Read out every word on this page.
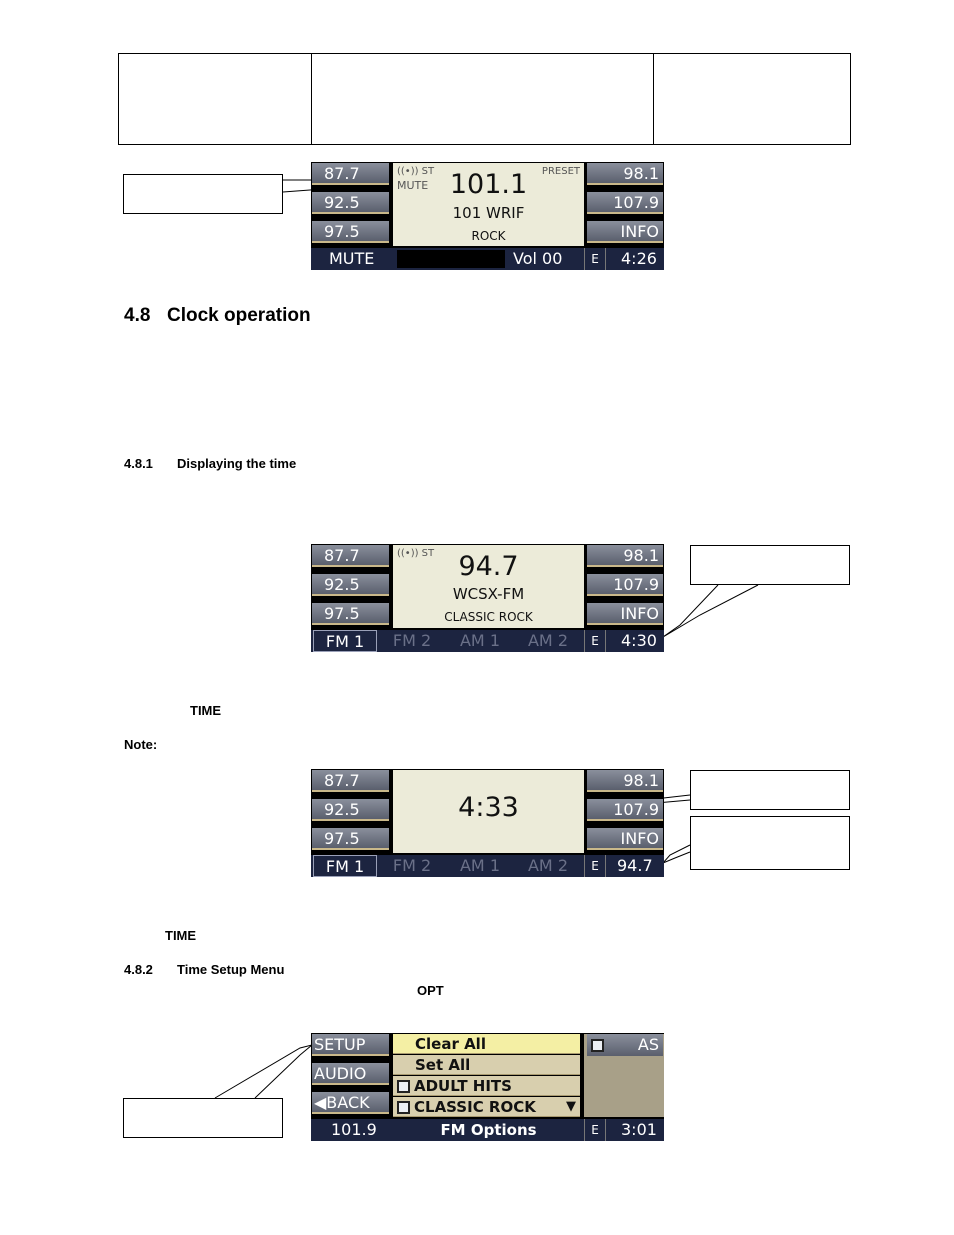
87.7
92.5
97.5
98.1
107.9
INFO
((•)) ST
MUTE
PRESET
101.1
101 WRIF
ROCK
MUTE	Vol 00	E	4:26
4.8 Clock operation
4.8.1 Displaying the time
87.7
92.5
97.5
98.1
107.9
INFO
((•)) ST 94.7
WCSX-FM
CLASSIC ROCK
FM 1	FM 2	AM 1	AM 2	E	4:30
TIME
Note:
87.7
92.5
97.5
98.1
107.9
INFO
4:33
FM 1	FM 2	AM 1	AM 2	E	94.7
TIME
4.8.2 Time Setup Menu
OPT
SETUP
AUDIO
◀BACK
Clear All
Set All
ADULT HITS
CLASSIC ROCK ▼
AS
101.9	FM Options	E	3:01
